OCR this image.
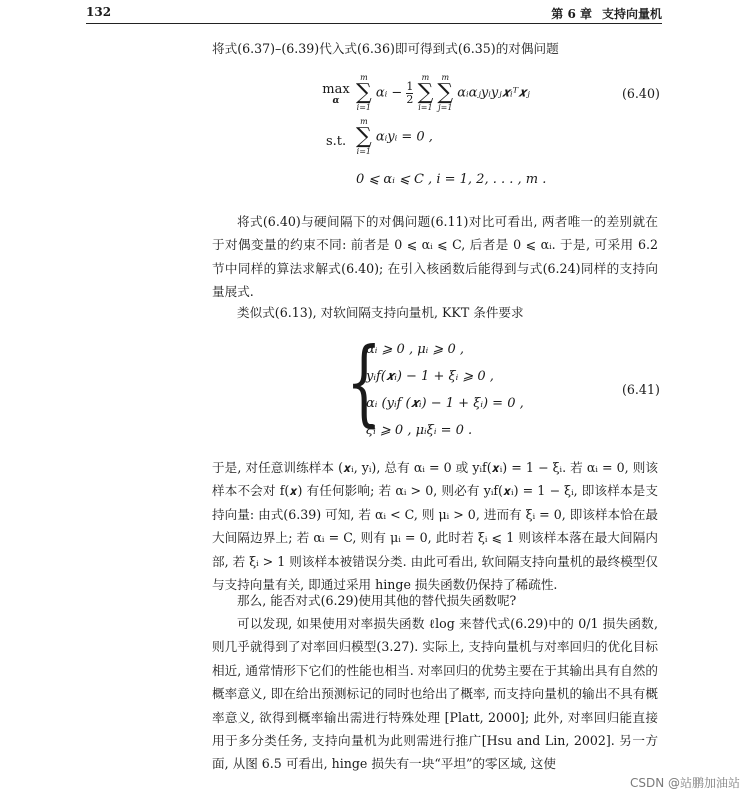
132	第 6 章 支持向量机
将式(6.37)–(6.39)代入式(6.36)即可得到式(6.35)的对偶问题
max
α
m
∑
i=1
αᵢ − $\frac{1}{2}$

m
∑
i=1

m
∑
j=1
αᵢαⱼyᵢyⱼ𝒙ᵢᵀ𝒙ⱼ	(6.40)
s.t.
m
∑
i=1
αᵢyᵢ = 0 ,
0 ⩽ αᵢ ⩽ C , i = 1, 2, . . . , m .
将式(6.40)与硬间隔下的对偶问题(6.11)对比可看出, 两者唯一的差别就在于对偶变量的约束不同: 前者是 0 ⩽ αᵢ ⩽ C, 后者是 0 ⩽ αᵢ. 于是, 可采用 6.2 节中同样的算法求解式(6.40); 在引入核函数后能得到与式(6.24)同样的支持向量展式.
类似式(6.13), 对软间隔支持向量机, KKT 条件要求
{
αᵢ ⩾ 0 , μᵢ ⩾ 0 ,
yᵢf(𝒙ᵢ) − 1 + ξᵢ ⩾ 0 ,
αᵢ (yᵢf (𝒙ᵢ) − 1 + ξᵢ) = 0 ,
ξᵢ ⩾ 0 , μᵢξᵢ = 0 .
(6.41)
于是, 对任意训练样本 (𝒙ᵢ, yᵢ), 总有 αᵢ = 0 或 yᵢf(𝒙ᵢ) = 1 − ξᵢ. 若 αᵢ = 0, 则该样本不会对 f(𝒙) 有任何影响; 若 αᵢ > 0, 则必有 yᵢf(𝒙ᵢ) = 1 − ξᵢ, 即该样本是支持向量: 由式(6.39) 可知, 若 αᵢ < C, 则 μᵢ > 0, 进而有 ξᵢ = 0, 即该样本恰在最大间隔边界上; 若 αᵢ = C, 则有 μᵢ = 0, 此时若 ξᵢ ⩽ 1 则该样本落在最大间隔内部, 若 ξᵢ > 1 则该样本被错误分类. 由此可看出, 软间隔支持向量机的最终模型仅与支持向量有关, 即通过采用 hinge 损失函数仍保持了稀疏性.
那么, 能否对式(6.29)使用其他的替代损失函数呢?
可以发现, 如果使用对率损失函数 ℓlog 来替代式(6.29)中的 0/1 损失函数, 则几乎就得到了对率回归模型(3.27). 实际上, 支持向量机与对率回归的优化目标相近, 通常情形下它们的性能也相当. 对率回归的优势主要在于其输出具有自然的概率意义, 即在给出预测标记的同时也给出了概率, 而支持向量机的输出不具有概率意义, 欲得到概率输出需进行特殊处理 [Platt, 2000]; 此外, 对率回归能直接用于多分类任务, 支持向量机为此则需进行推广[Hsu and Lin, 2002]. 另一方面, 从图 6.5 可看出, hinge 损失有一块“平坦”的零区域, 这使
CSDN @站鹏加油站
